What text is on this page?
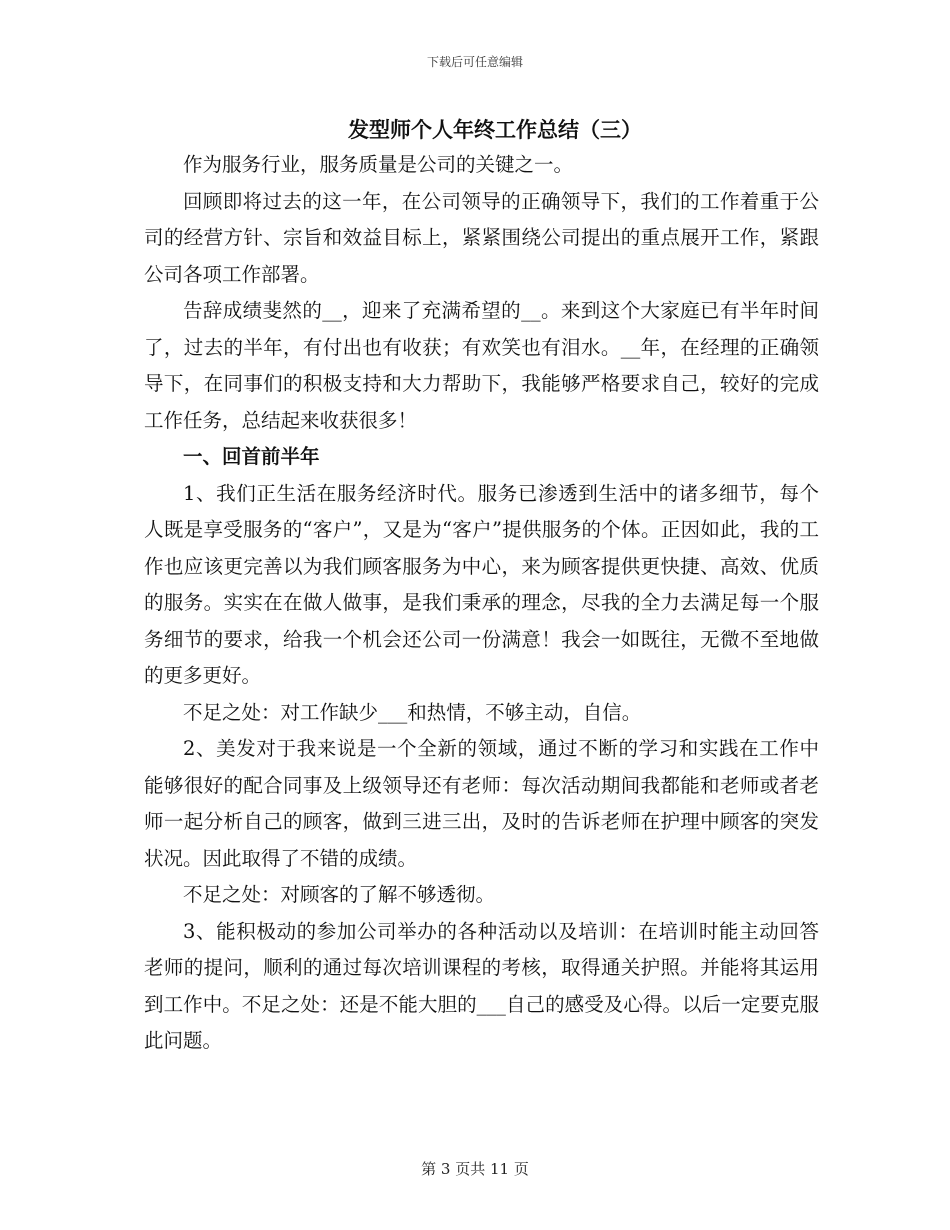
下载后可任意编辑
发型师个人年终工作总结（三）

作为服务行业，服务质量是公司的关键之一。

回顾即将过去的这一年，在公司领导的正确领导下，我们的工作着重于公司的经营方针、宗旨和效益目标上，紧紧围绕公司提出的重点展开工作，紧跟公司各项工作部署。

告辞成绩斐然的__，迎来了充满希望的__。来到这个大家庭已有半年时间了，过去的半年，有付出也有收获；有欢笑也有泪水。__年，在经理的正确领导下，在同事们的积极支持和大力帮助下，我能够严格要求自己，较好的完成工作任务，总结起来收获很多！

一、回首前半年

1、我们正生活在服务经济时代。服务已渗透到生活中的诸多细节，每个人既是享受服务的“客户”，又是为“客户”提供服务的个体。正因如此，我的工作也应该更完善以为我们顾客服务为中心，来为顾客提供更快捷、高效、优质的服务。实实在在做人做事，是我们秉承的理念，尽我的全力去满足每一个服务细节的要求，给我一个机会还公司一份满意！我会一如既往，无微不至地做的更多更好。

不足之处：对工作缺少___和热情，不够主动，自信。

2、美发对于我来说是一个全新的领域，通过不断的学习和实践在工作中能够很好的配合同事及上级领导还有老师：每次活动期间我都能和老师或者老师一起分析自己的顾客，做到三进三出，及时的告诉老师在护理中顾客的突发状况。因此取得了不错的成绩。

不足之处：对顾客的了解不够透彻。

3、能积极动的参加公司举办的各种活动以及培训：在培训时能主动回答老师的提问，顺利的通过每次培训课程的考核，取得通关护照。并能将其运用到工作中。不足之处：还是不能大胆的___自己的感受及心得。以后一定要克服此问题。

第 3 页共 11 页
